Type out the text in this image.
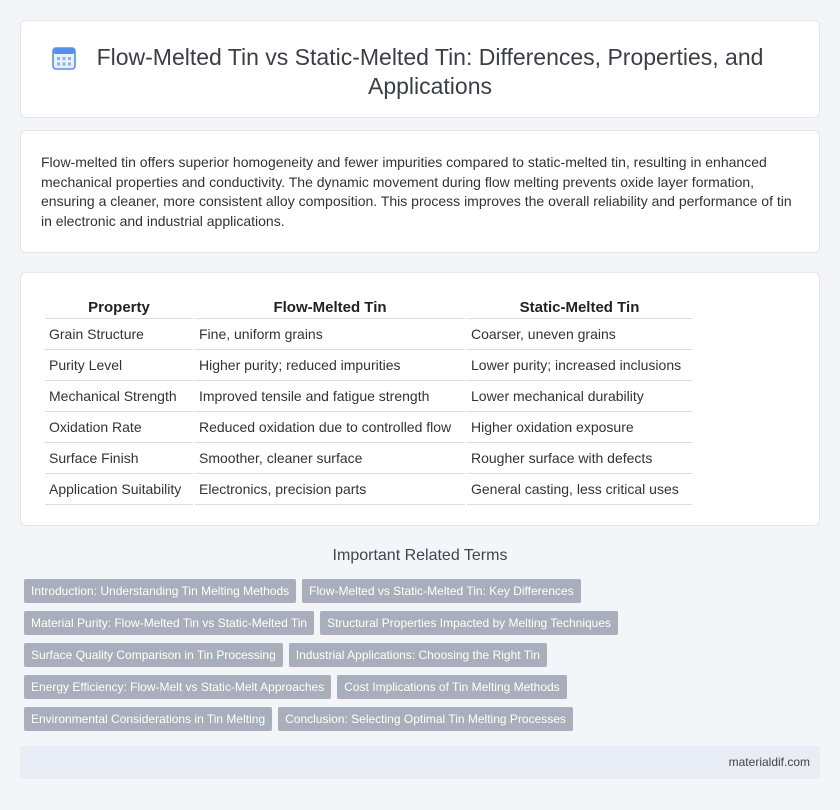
Flow-Melted Tin vs Static-Melted Tin: Differences, Properties, and Applications

Flow-melted tin offers superior homogeneity and fewer impurities compared to static-melted tin, resulting in enhanced mechanical properties and conductivity. The dynamic movement during flow melting prevents oxide layer formation, ensuring a cleaner, more consistent alloy composition. This process improves the overall reliability and performance of tin in electronic and industrial applications.

Property	Flow-Melted Tin	Static-Melted Tin
Grain Structure	Fine, uniform grains	Coarser, uneven grains
Purity Level	Higher purity; reduced impurities	Lower purity; increased inclusions
Mechanical Strength	Improved tensile and fatigue strength	Lower mechanical durability
Oxidation Rate	Reduced oxidation due to controlled flow	Higher oxidation exposure
Surface Finish	Smoother, cleaner surface	Rougher surface with defects
Application Suitability	Electronics, precision parts	General casting, less critical uses
Important Related Terms
Introduction: Understanding Tin Melting Methods Flow-Melted vs Static-Melted Tin: Key Differences
Material Purity: Flow-Melted Tin vs Static-Melted Tin Structural Properties Impacted by Melting Techniques
Surface Quality Comparison in Tin Processing Industrial Applications: Choosing the Right Tin
Energy Efficiency: Flow-Melt vs Static-Melt Approaches Cost Implications of Tin Melting Methods
Environmental Considerations in Tin Melting Conclusion: Selecting Optimal Tin Melting Processes
materialdif.com
